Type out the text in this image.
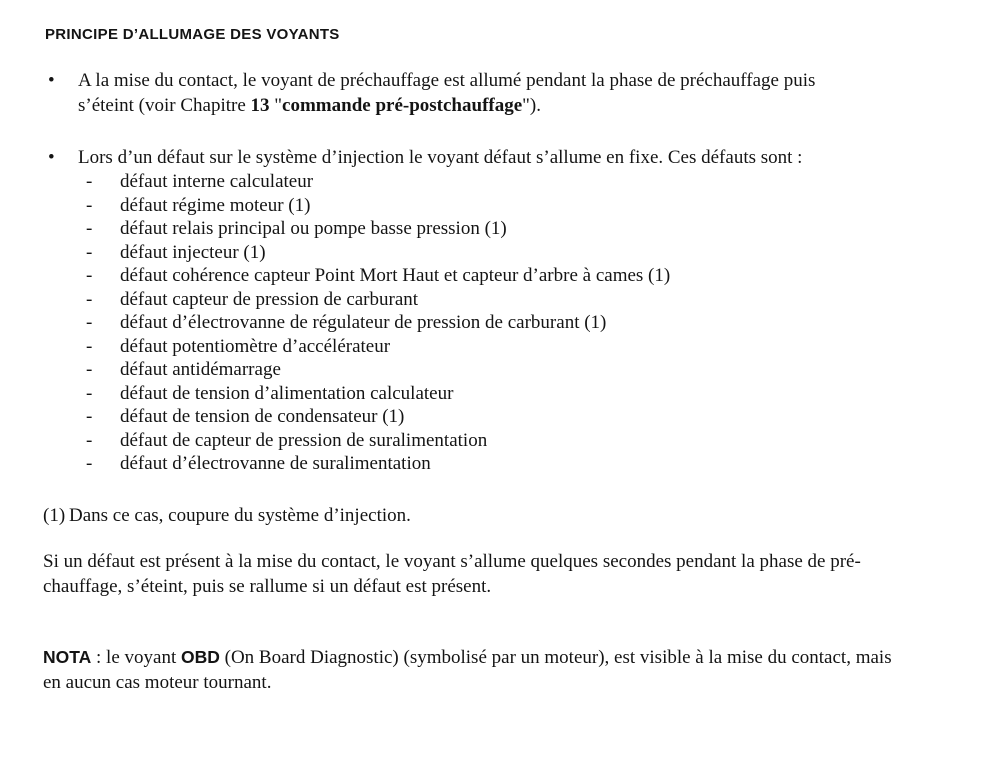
PRINCIPE D’ALLUMAGE DES VOYANTS
•	A la mise du contact, le voyant de préchauffage est allumé pendant la phase de préchauffage puis
s’éteint (voir Chapitre 13 "commande pré-postchauffage").
•	Lors d’un défaut sur le système d’injection le voyant défaut s’allume en fixe. Ces défauts sont :
-	défaut interne calculateur
-	défaut régime moteur (1)
-	défaut relais principal ou pompe basse pression (1)
-	défaut injecteur (1)
-	défaut cohérence capteur Point Mort Haut et capteur d’arbre à cames (1)
-	défaut capteur de pression de carburant
-	défaut d’électrovanne de régulateur de pression de carburant (1)
-	défaut potentiomètre d’accélérateur
-	défaut antidémarrage
-	défaut de tension d’alimentation calculateur
-	défaut de tension de condensateur (1)
-	défaut de capteur de pression de suralimentation
-	défaut d’électrovanne de suralimentation
(1) Dans ce cas, coupure du système d’injection.
Si un défaut est présent à la mise du contact, le voyant s’allume quelques secondes pendant la phase de pré-
chauffage, s’éteint, puis se rallume si un défaut est présent.
NOTA : le voyant OBD (On Board Diagnostic) (symbolisé par un moteur), est visible à la mise du contact, mais
en aucun cas moteur tournant.
